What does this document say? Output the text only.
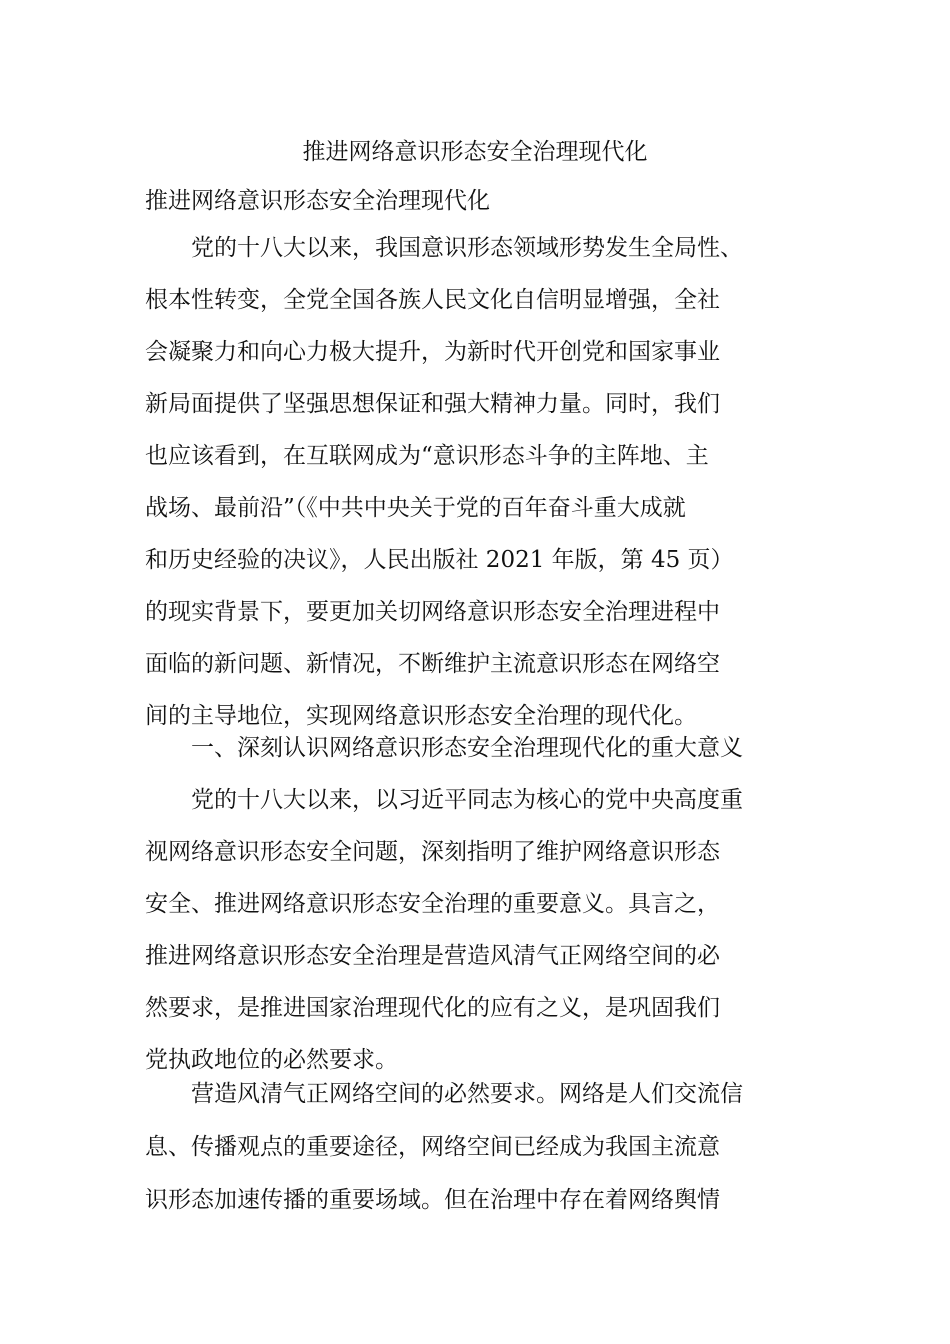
推进网络意识形态安全治理现代化

推进网络意识形态安全治理现代化

　　党的十八大以来，我国意识形态领域形势发生全局性、
根本性转变，全党全国各族人民文化自信明显增强，全社
会凝聚力和向心力极大提升，为新时代开创党和国家事业
新局面提供了坚强思想保证和强大精神力量。同时，我们
也应该看到，在互联网成为“意识形态斗争的主阵地、主
战场、最前沿”（《中共中央关于党的百年奋斗重大成就
和历史经验的决议》，人民出版社 2021 年版，第 45 页）
的现实背景下，要更加关切网络意识形态安全治理进程中
面临的新问题、新情况，不断维护主流意识形态在网络空
间的主导地位，实现网络意识形态安全治理的现代化。
　　一、深刻认识网络意识形态安全治理现代化的重大意义
　　党的十八大以来，以习近平同志为核心的党中央高度重
视网络意识形态安全问题，深刻指明了维护网络意识形态
安全、推进网络意识形态安全治理的重要意义。具言之，
推进网络意识形态安全治理是营造风清气正网络空间的必
然要求，是推进国家治理现代化的应有之义，是巩固我们
党执政地位的必然要求。
　　营造风清气正网络空间的必然要求。网络是人们交流信
息、传播观点的重要途径，网络空间已经成为我国主流意
识形态加速传播的重要场域。但在治理中存在着网络舆情
